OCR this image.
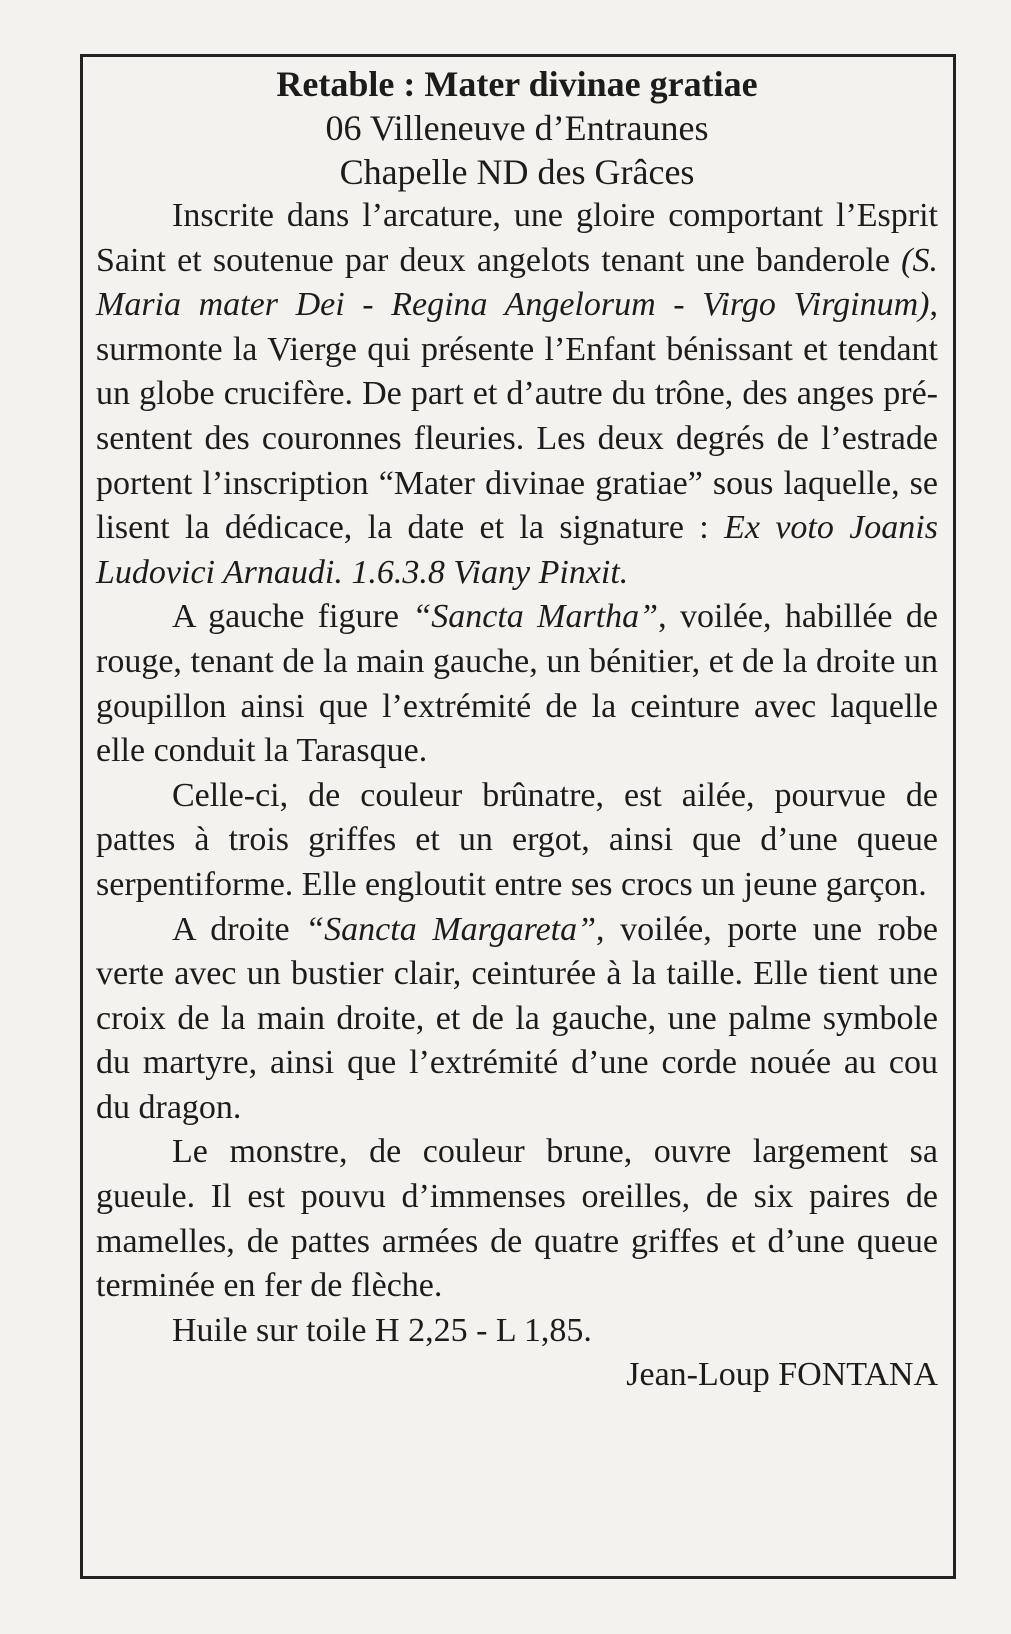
Retable : Mater divinae gratiae

06 Villeneuve d’Entraunes

Chapelle ND des Grâces

Inscrite dans l’arcature, une gloire comportant l’Esprit Saint et soutenue par deux angelots tenant une banderole (S. Maria mater Dei - Regina Angelorum - Virgo Virginum), surmonte la Vierge qui présente l’Enfant bénissant et tendant un globe crucifère. De part et d’autre du trône, des anges présentent des couronnes fleuries. Les deux degrés de l’estrade portent l’inscription “Mater divinae gratiae” sous laquelle, se lisent la dédicace, la date et la signature : Ex voto Joanis Ludovici Arnaudi. 1.6.3.8 Viany Pinxit.

A gauche figure “Sancta Martha”, voilée, habillée de rouge, tenant de la main gauche, un bénitier, et de la droite un goupillon ainsi que l’extrémité de la ceinture avec laquelle elle conduit la Tarasque.

Celle-ci, de couleur brûnatre, est ailée, pourvue de pattes à trois griffes et un ergot, ainsi que d’une queue serpentiforme. Elle engloutit entre ses crocs un jeune garçon.

A droite “Sancta Margareta”, voilée, porte une robe verte avec un bustier clair, ceinturée à la taille. Elle tient une croix de la main droite, et de la gauche, une palme symbole du martyre, ainsi que l’extrémité d’une corde nouée au cou du dragon.

Le monstre, de couleur brune, ouvre largement sa gueule. Il est pouvu d’immenses oreilles, de six paires de mamelles, de pattes armées de quatre griffes et d’une queue terminée en fer de flèche.

Huile sur toile H 2,25 - L 1,85.

Jean-Loup FONTANA
